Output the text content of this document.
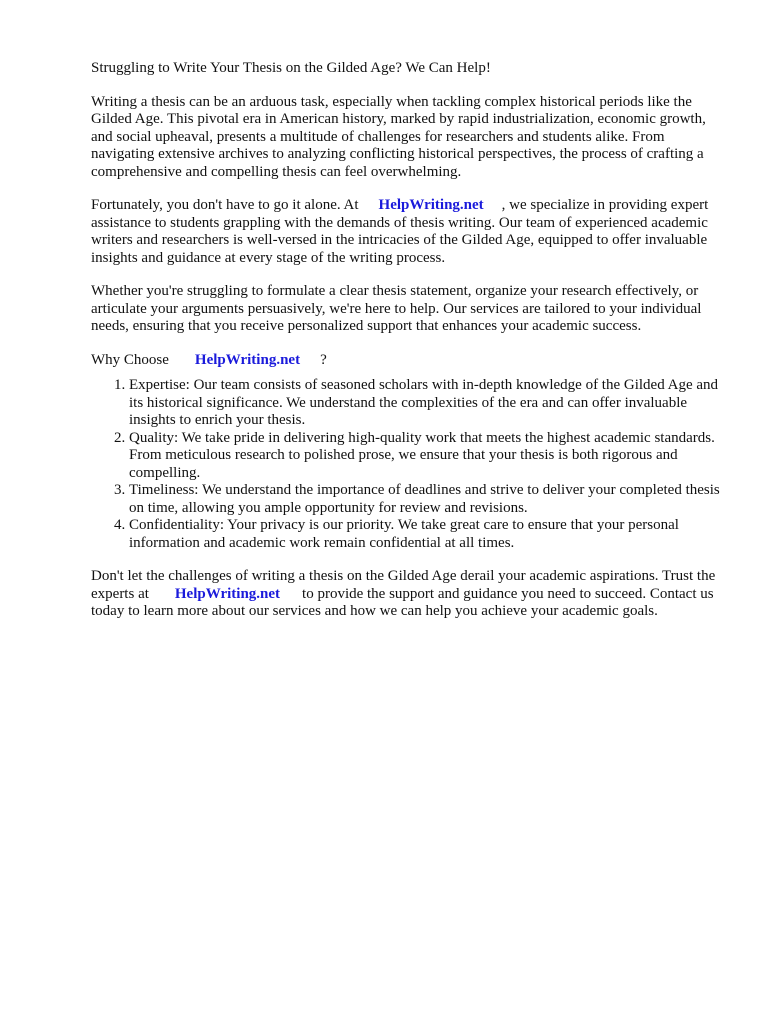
Struggling to Write Your Thesis on the Gilded Age? We Can Help!

Writing a thesis can be an arduous task, especially when tackling complex historical periods like the Gilded Age. This pivotal era in American history, marked by rapid industrialization, economic growth, and social upheaval, presents a multitude of challenges for researchers and students alike. From navigating extensive archives to analyzing conflicting historical perspectives, the process of crafting a comprehensive and compelling thesis can feel overwhelming.

Fortunately, you don't have to go it alone. At HelpWriting.net , we specialize in providing expert assistance to students grappling with the demands of thesis writing. Our team of experienced academic writers and researchers is well-versed in the intricacies of the Gilded Age, equipped to offer invaluable insights and guidance at every stage of the writing process.

Whether you're struggling to formulate a clear thesis statement, organize your research effectively, or articulate your arguments persuasively, we're here to help. Our services are tailored to your individual needs, ensuring that you receive personalized support that enhances your academic success.

Why Choose HelpWriting.net ?

1. Expertise: Our team consists of seasoned scholars with in-depth knowledge of the Gilded Age and its historical significance. We understand the complexities of the era and can offer invaluable insights to enrich your thesis.
2. Quality: We take pride in delivering high-quality work that meets the highest academic standards. From meticulous research to polished prose, we ensure that your thesis is both rigorous and compelling.
3. Timeliness: We understand the importance of deadlines and strive to deliver your completed thesis on time, allowing you ample opportunity for review and revisions.
4. Confidentiality: Your privacy is our priority. We take great care to ensure that your personal information and academic work remain confidential at all times.

Don't let the challenges of writing a thesis on the Gilded Age derail your academic aspirations. Trust the experts at HelpWriting.net to provide the support and guidance you need to succeed. Contact us today to learn more about our services and how we can help you achieve your academic goals.
